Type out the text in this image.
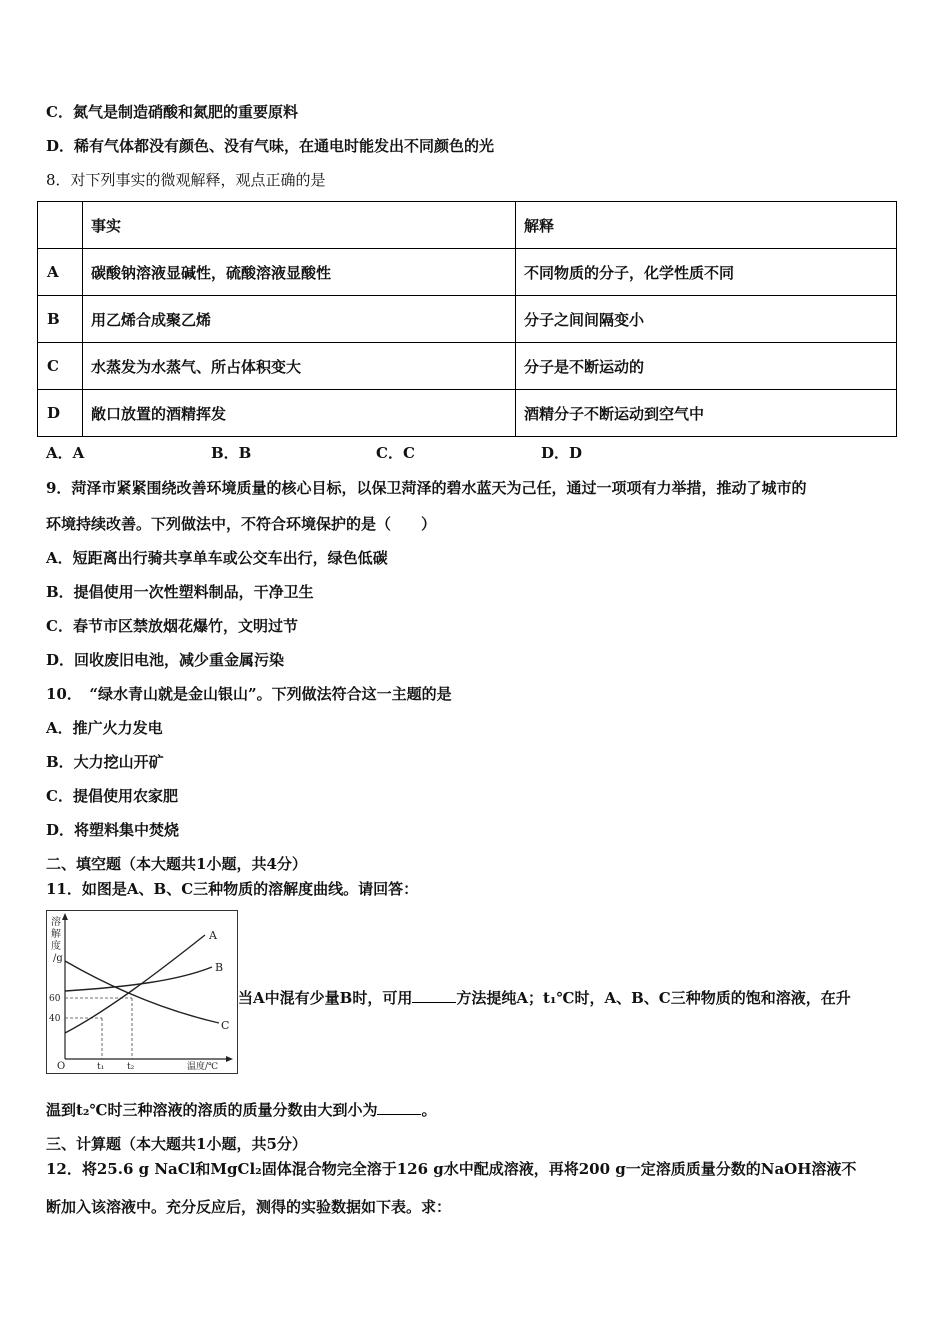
C．氮气是制造硝酸和氮肥的重要原料
D．稀有气体都没有颜色、没有气味，在通电时能发出不同颜色的光
8．对下列事实的微观解释，观点正确的是
	事实	解释
A	碳酸钠溶液显碱性，硫酸溶液显酸性	不同物质的分子，化学性质不同
B	用乙烯合成聚乙烯	分子之间间隔变小
C	水蒸发为水蒸气、所占体积变大	分子是不断运动的
D	敞口放置的酒精挥发	酒精分子不断运动到空气中
A．A	B．B	C．C	D．D
9．菏泽市紧紧围绕改善环境质量的核心目标，以保卫菏泽的碧水蓝天为己任，通过一项项有力举措，推动了城市的
环境持续改善。下列做法中，不符合环境保护的是（　　）
A．短距离出行骑共享单车或公交车出行，绿色低碳
B．提倡使用一次性塑料制品，干净卫生
C．春节市区禁放烟花爆竹，文明过节
D．回收废旧电池，减少重金属污染
10．　“绿水青山就是金山银山”。下列做法符合这一主题的是
A．推广火力发电
B．大力挖山开矿
C．提倡使用农家肥
D．将塑料集中焚烧
二、填空题（本大题共1小题，共4分）
11．如图是A、B、C三种物质的溶解度曲线。请回答：
溶
解
度
/g
A
B
C
60
40
O	t₁	t₂	温度/℃
当A中混有少量B时，可用	方法提纯A；t₁℃时，A、B、C三种物质的饱和溶液，在升
温到t₂℃时三种溶液的溶质的质量分数由大到小为	。
三、计算题（本大题共1小题，共5分）
12．将25.6 g NaCl和MgCl₂固体混合物完全溶于126 g水中配成溶液，再将200 g一定溶质质量分数的NaOH溶液不
断加入该溶液中。充分反应后，测得的实验数据如下表。求：
